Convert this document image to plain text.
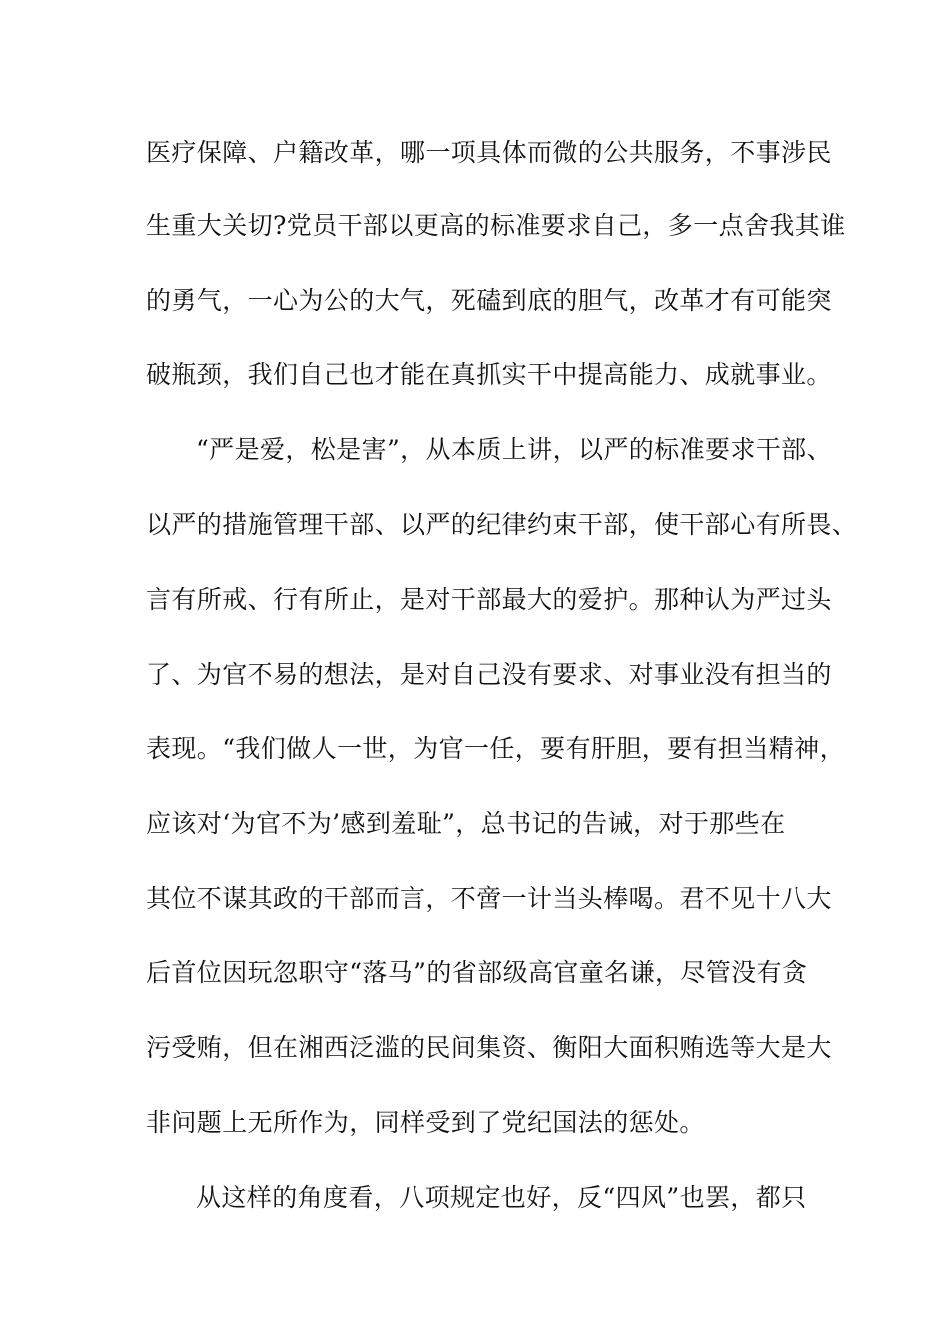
医疗保障、户籍改革，哪一项具体而微的公共服务，不事涉民
生重大关切?党员干部以更高的标准要求自己，多一点舍我其谁
的勇气，一心为公的大气，死磕到底的胆气，改革才有可能突
破瓶颈，我们自己也才能在真抓实干中提高能力、成就事业。
“严是爱，松是害”，从本质上讲，以严的标准要求干部、
以严的措施管理干部、以严的纪律约束干部，使干部心有所畏、
言有所戒、行有所止，是对干部最大的爱护。那种认为严过头
了、为官不易的想法，是对自己没有要求、对事业没有担当的
表现。“我们做人一世，为官一任，要有肝胆，要有担当精神，
应该对‘为官不为’感到羞耻”，总书记的告诫，对于那些在
其位不谋其政的干部而言，不啻一计当头棒喝。君不见十八大
后首位因玩忽职守“落马”的省部级高官童名谦，尽管没有贪
污受贿，但在湘西泛滥的民间集资、衡阳大面积贿选等大是大
非问题上无所作为，同样受到了党纪国法的惩处。
从这样的角度看，八项规定也好，反“四风”也罢，都只
